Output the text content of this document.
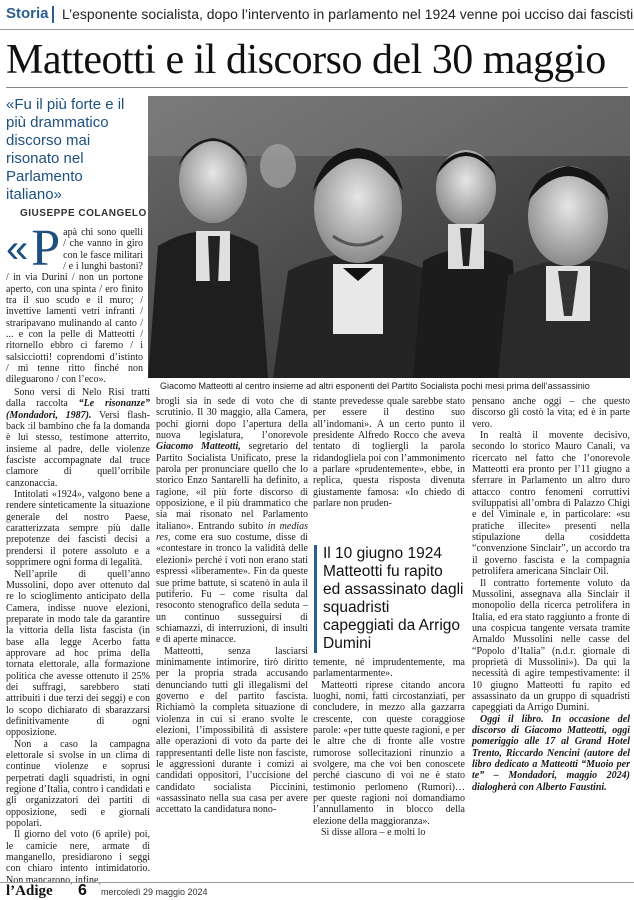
Storia L’esponente socialista, dopo l’intervento in parlamento nel 1924 venne poi ucciso dai fascisti
Matteotti e il discorso del 30 maggio
«Fu il più forte e il più drammatico discorso mai risonato nel Parlamento italiano»
GIUSEPPE COLANGELO
Giacomo Matteotti al centro insieme ad altri esponenti del Partito Socialista pochi mesi prima dell’assassinio
« P apà chi sono quelli / che vanno in giro con le fasce militari / e i lunghi bastoni? / in via Durini / non un portone aperto, con una spinta / ero finito tra il suo scudo e il muro; / invettive lamenti vetri infranti / straripavano mulinando al canto / ... e con la pelle di Matteotti / ritornello ebbro ci faremo / i salsicciotti! coprendomi d’istinto / mi tenne ritto finché non dileguarono / con l’eco».

Sono versi di Nelo Risi tratti dalla raccolta “Le risonanze” (Mondadori, 1987). Versi flash-back :il bambino che fa la domanda è lui stesso, testimone atterrito, insieme al padre, delle violenze fasciste accompagnate dal truce clamore di quell’orribile canzonaccia.

Intitolati «1924», valgono bene a rendere sinteticamente la situazione generale del nostro Paese, caratterizzata sempre più dalle prepotenze dei fascisti decisi a prendersi il potere assoluto e a sopprimere ogni forma di legalità.

Nell’aprile di quell’anno Mussolini, dopo aver ottenuto dal re lo scioglimento anticipato della Camera, indisse nuove elezioni, preparate in modo tale da garantire la vittoria della lista fascista (in base alla legge Acerbo fatta approvare ad hoc prima della tornata elettorale, alla formazione politica che avesse ottenuto il 25% dei suffragi, sarebbero stati attribuiti i due terzi dei seggi) e con lo scopo dichiarato di sbarazzarsi definitivamente di ogni opposizione.

Non a caso la campagna elettorale si svolse in un clima di continue violenze e soprusi perpetrati dagli squadristi, in ogni regione d’Italia, contro i candidati e gli organizzatori dei partiti di opposizione, sedi e giornali popolari.

Il giorno del voto (6 aprile) poi, le camicie nere, armate di manganello, presidiarono i seggi con chiaro intento intimidatorio. Non mancarono, infine,

brogli sia in sede di voto che di scrutinio. Il 30 maggio, alla Camera, pochi giorni dopo l’apertura della nuova legislatura, l’onorevole Giacomo Matteotti, segretario del Partito Socialista Unificato, prese la parola per pronunciare quello che lo storico Enzo Santarelli ha definito, a ragione, «il più forte discorso di opposizione, e il più drammatico che sia mai risonato nel Parlamento italiano». Entrando subito in medias res, come era suo costume, disse di «contestare in tronco la validità delle elezioni» perché i voti non erano stati espressi «liberamente». Fin da queste sue prime battute, si scatenò in aula il putiferio. Fu – come risulta dal resoconto stenografico della seduta – un continuo susseguirsi di schiamazzi, di interruzioni, di insulti e di aperte minacce.

Matteotti, senza lasciarsi minimamente intimorire, tirò diritto per la propria strada accusando denunciando tutti gli illegalismi del governo e del partito fascista. Richiamò la completa situazione di violenza in cui si erano svolte le elezioni, l’impossibilità di assistere alle operazioni di voto da parte dei rappresentanti delle liste non fasciste, le aggressioni durante i comizi ai candidati oppositori, l’uccisione del candidato socialista Piccinini, «assassinato nella sua casa per avere accettato la candidatura nono-

stante prevedesse quale sarebbe stato per essere il destino suo all’indomani». A un certo punto il presidente Alfredo Rocco che aveva tentato di togliergli la parola ridandogliela poi con l’ammonimento a parlare «prudentemente», ebbe, in replica, questa risposta divenuta giustamente famosa: «Io chiedo di parlare non pruden-

Il 10 giugno 1924 Matteotti fu rapito ed assassinato dagli squadristi capeggiati da Arrigo Dumini

temente, né imprudentemente, ma parlamentarmente».

Matteotti riprese citando ancora luoghi, nomi, fatti circostanziati, per concludere, in mezzo alla gazzarra crescente, con queste coraggiose parole: «per tutte queste ragioni, e per le altre che di fronte alle vostre rumorose sollecitazioni rinunzio a svolgere, ma che voi ben conoscete perché ciascuno di voi ne è stato testimonio perlomeno (Rumori)… per queste ragioni noi domandiamo l’annullamento in blocco della elezione della maggioranza».

Si disse allora – e molti lo

pensano anche oggi – che questo discorso gli costò la vita; ed è in parte vero.

In realtà il movente decisivo, secondo lo storico Mauro Canali, va ricercato nel fatto che l’onorevole Matteotti era pronto per l’11 giugno a sferrare in Parlamento un altro duro attacco contro fenomeni corruttivi sviluppatisi all’ombra di Palazzo Chigi e del Viminale e, in particolare: «su pratiche illecite» presenti nella stipulazione della cosiddetta “convenzione Sinclair”, un accordo tra il governo fascista e la compagnia petrolifera americana Sinclair Oil.

Il contratto fortemente voluto da Mussolini, assegnava alla Sinclair il monopolio della ricerca petrolifera in Italia, ed era stato raggiunto a fronte di una cospicua tangente versata tramite Arnaldo Mussolini nelle casse del “Popolo d’Italia” (n.d.r. giornale di proprietà di Mussolini»). Da qui la necessità di agire tempestivamente: il 10 giugno Matteotti fu rapito ed assassinato da un gruppo di squadristi capeggiati da Arrigo Dumini.

Oggi il libro. In occasione del discorso di Giacomo Matteotti, oggi pomeriggio alle 17 al Grand Hotel Trento, Riccardo Nencini (autore del libro dedicato a Matteotti “Muoio per te” – Mondadori, maggio 2024) dialogherà con Alberto Faustini.

l’Adige 6 mercoledì 29 maggio 2024
